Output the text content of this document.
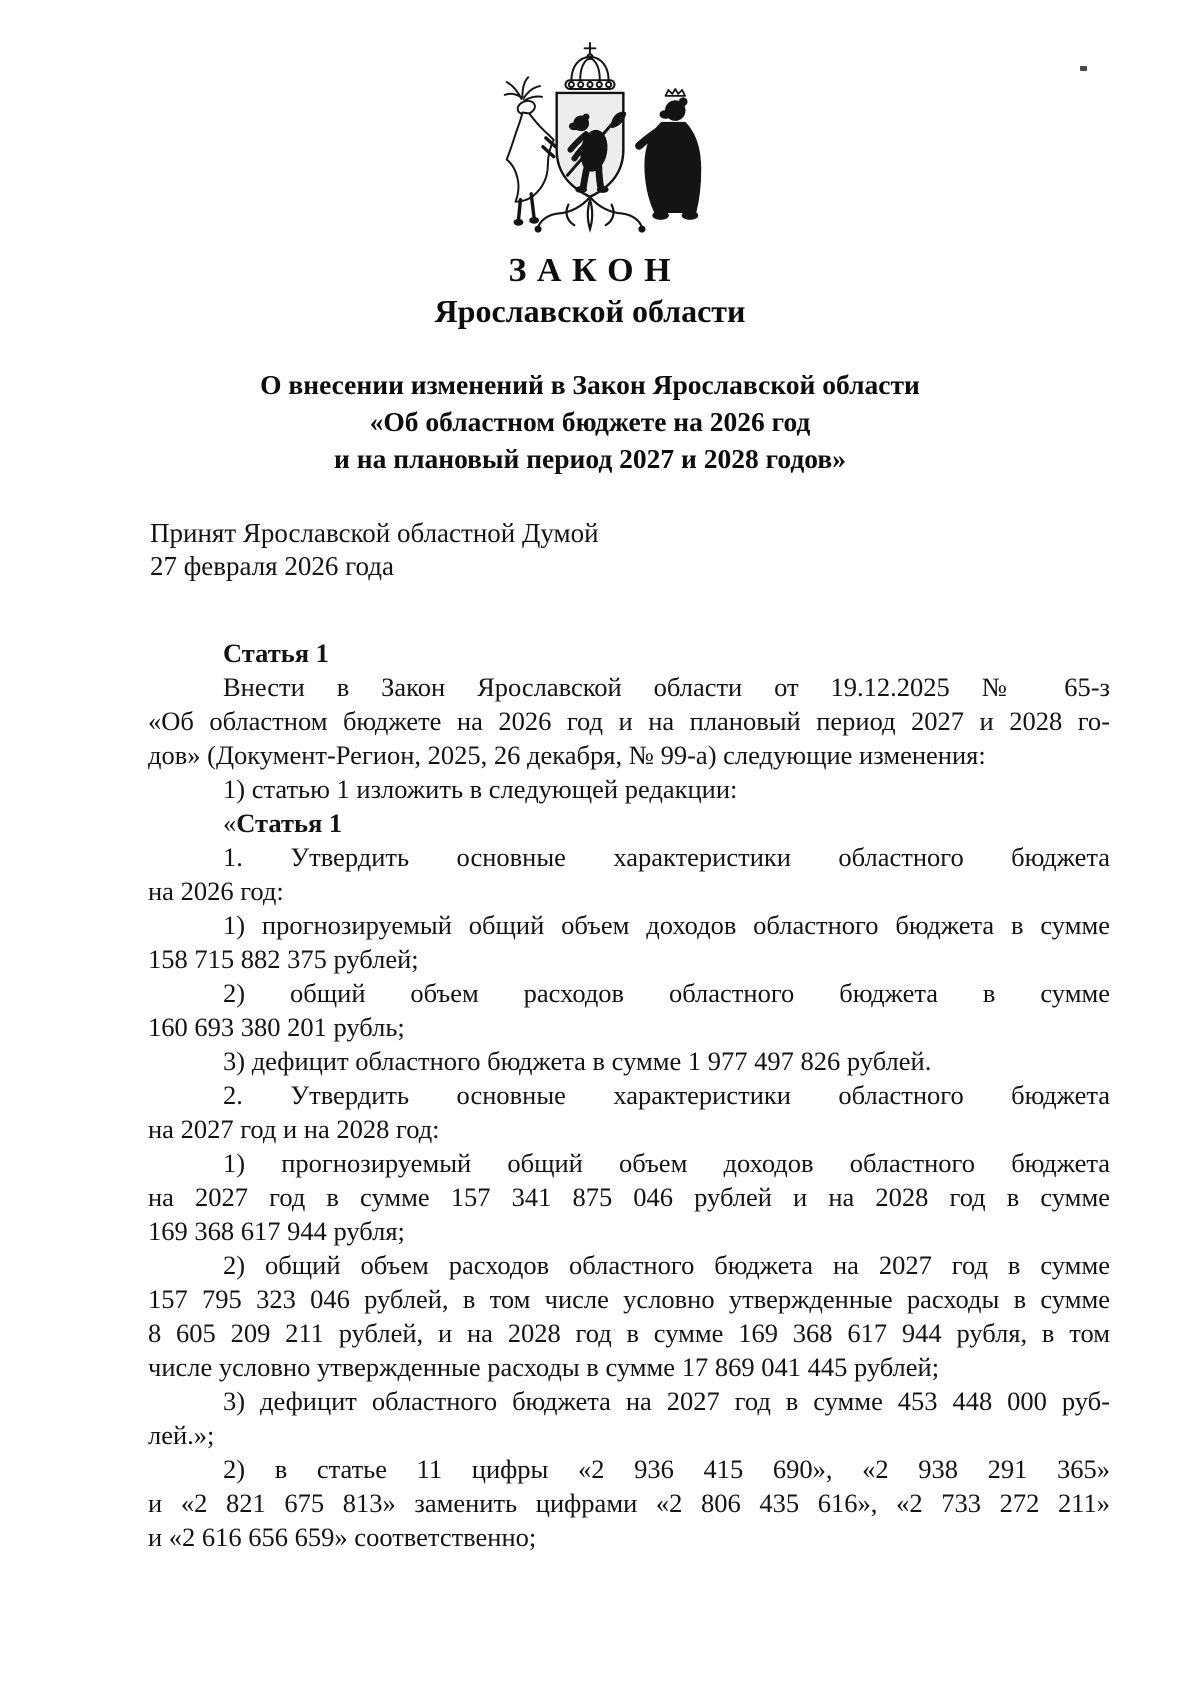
З А К О Н
Ярославской области
О внесении изменений в Закон Ярославской области
«Об областном бюджете на 2026 год
и на плановый период 2027 и 2028 годов»
Принят Ярославской областной Думой
27 февраля 2026 года
Статья 1
Внести в Закон Ярославской области от 19.12.2025 № 65-з
«Об областном бюджете на 2026 год и на плановый период 2027 и 2028 го-
дов» (Документ-Регион, 2025, 26 декабря, № 99-а) следующие изменения:
1) статью 1 изложить в следующей редакции:
«Статья 1
1. Утвердить основные характеристики областного бюджета
на 2026 год:
1) прогнозируемый общий объем доходов областного бюджета в сумме
158 715 882 375 рублей;
2) общий объем расходов областного бюджета в сумме
160 693 380 201 рубль;
3) дефицит областного бюджета в сумме 1 977 497 826 рублей.
2. Утвердить основные характеристики областного бюджета
на 2027 год и на 2028 год:
1) прогнозируемый общий объем доходов областного бюджета
на 2027 год в сумме 157 341 875 046 рублей и на 2028 год в сумме
169 368 617 944 рубля;
2) общий объем расходов областного бюджета на 2027 год в сумме
157 795 323 046 рублей, в том числе условно утвержденные расходы в сумме
8 605 209 211 рублей, и на 2028 год в сумме 169 368 617 944 рубля, в том
числе условно утвержденные расходы в сумме 17 869 041 445 рублей;
3) дефицит областного бюджета на 2027 год в сумме 453 448 000 руб-
лей.»;
2) в статье 11 цифры «2 936 415 690», «2 938 291 365»
и «2 821 675 813» заменить цифрами «2 806 435 616», «2 733 272 211»
и «2 616 656 659» соответственно;
